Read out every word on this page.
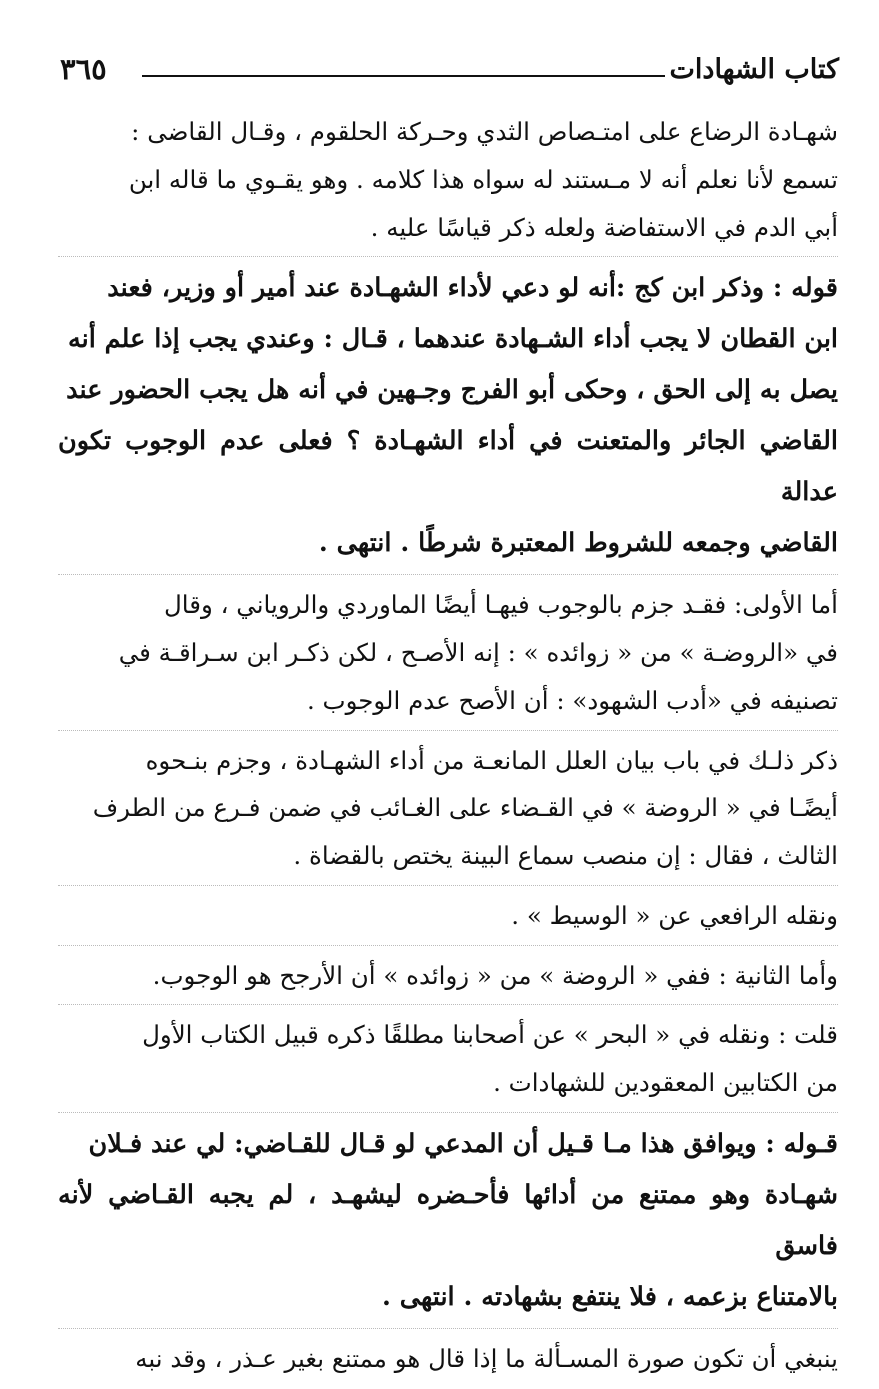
٣٦٥	كتاب الشهادات

شهـادة الرضاع على امتـصاص الثدي وحـركة الحلقوم ، وقـال القاضى :
تسمع لأنا نعلم أنه لا مـستند له سواه هذا كلامه . وهو يقـوي ما قاله ابن
أبي الدم في الاستفاضة ولعله ذكر قياسًا عليه .

قوله : وذكر ابن كج :أنه لو دعي لأداء الشهـادة عند أمير أو وزير، فعند
ابن القطان لا يجب أداء الشـهادة عندهما ، قـال : وعندي يجب إذا علم أنه
يصل به إلى الحق ، وحكى أبو الفرج وجـهين في أنه هل يجب الحضور عند
القاضي الجائر والمتعنت في أداء الشهـادة ؟ فعلى عدم الوجوب تكون عدالة
القاضي وجمعه للشروط المعتبرة شرطًا . انتهى .

أما الأولى: فقـد جزم بالوجوب فيهـا أيضًا الماوردي والروياني ، وقال
في «الروضـة » من « زوائده » : إنه الأصـح ، لكن ذكـر ابن سـراقـة في
تصنيفه في «أدب الشهود» : أن الأصح عدم الوجوب .

ذكر ذلـك في باب بيان العلل المانعـة من أداء الشهـادة ، وجزم بنـحوه
أيضًـا في « الروضة » في القـضاء على الغـائب في ضمن فـرع من الطرف
الثالث ، فقال : إن منصب سماع البينة يختص بالقضاة .

ونقله الرافعي عن « الوسيط » .

وأما الثانية : ففي « الروضة » من « زوائده » أن الأرجح هو الوجوب.

قلت : ونقله في « البحر » عن أصحابنا مطلقًا ذكره قبيل الكتاب الأول
من الكتابين المعقودين للشهادات .

قـوله : ويوافق هذا مـا قـيل أن المدعي لو قـال للقـاضي: لي عند فـلان
شهـادة وهو ممتنع من أدائها فأحـضره ليشهـد ، لم يجبه القـاضي لأنه فاسق
بالامتناع بزعمه ، فلا ينتفع بشهادته . انتهى .

ينبغي أن تكون صورة المسـألة ما إذا قال هو ممتنع بغير عـذر ، وقد نبه
